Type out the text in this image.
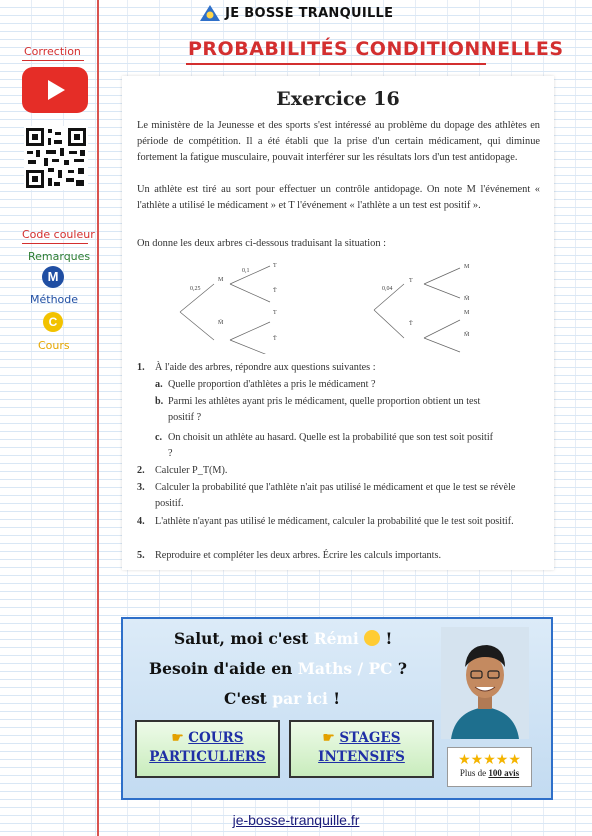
JE BOSSE TRANQUILLE
PROBABILITÉS CONDITIONNELLES
Correction
Code couleur
Remarques
M
Méthode
C
Cours
Exercice 16
Le ministère de la Jeunesse et des sports s'est intéressé au problème du dopage des athlètes en période de compétition. Il a été établi que la prise d'un certain médicament, qui diminue fortement la fatigue musculaire, pouvait interférer sur les résultats lors d'un test antidopage.
Un athlète est tiré au sort pour effectuer un contrôle antidopage. On note M l'événement « l'athlète a utilisé le médicament » et T l'événement « l'athlète a un test est positif ».
On donne les deux arbres ci-dessous traduisant la situation :
0,25
0,1
M
M̄
T
T̄
T
T̄
0,04
T
T̄
M
M̄
M
M̄
1.	À l'aide des arbres, répondre aux questions suivantes :
a. Quelle proportion d'athlètes a pris le médicament ?
b. Parmi les athlètes ayant pris le médicament, quelle proportion obtient un test positif ?
c. On choisit un athlète au hasard. Quelle est la probabilité que son test soit positif ?
2.	Calculer P_T(M).
3.	Calculer la probabilité que l'athlète n'ait pas utilisé le médicament et que le test se révèle positif.
4.	L'athlète n'ayant pas utilisé le médicament, calculer la probabilité que le test soit positif.
5.	Reproduire et compléter les deux arbres. Écrire les calculs importants.
Salut, moi c'est Rémi  !
Besoin d'aide en Maths / PC ?
C'est par ici !
☛ COURS
PARTICULIERS
☛ STAGES
INTENSIFS	★★★★★
Plus de 100 avis
je-bosse-tranquille.fr
